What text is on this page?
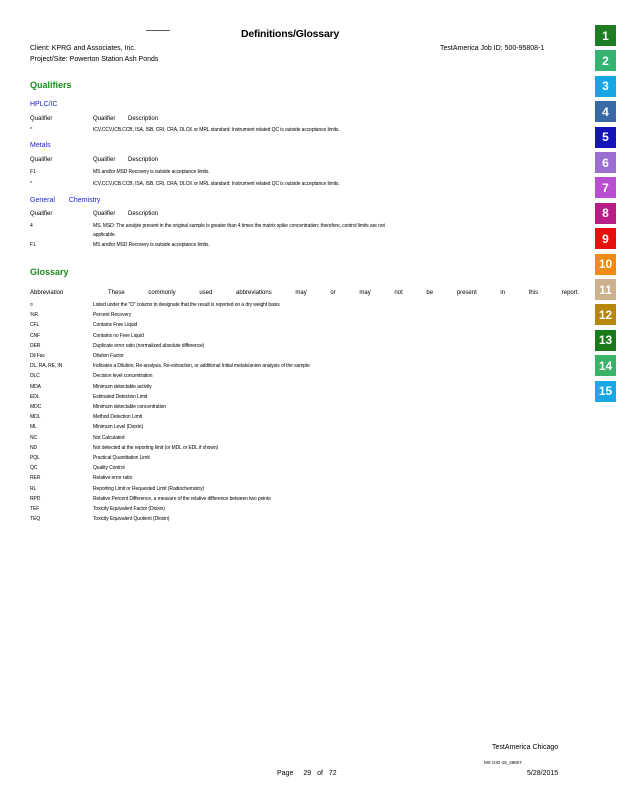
Definitions/Glossary
Client: KPRG and Associates, Inc.
Project/Site: Powerton Station Ash Ponds
TestAmerica Job ID: 500-95808-1
Qualifiers
HPLC/IC
Qualifier	Qualifier Description
^	ICV,CCV,ICB,CCB, ISA, ISB, CRI, CRA, DLCK or MRL standard: Instrument related QC is outside acceptance limits.
Metals
Qualifier	Qualifier Description
F1	MS and/or MSD Recovery is outside acceptance limits.
^	ICV,CCV,ICB,CCB, ISA, ISB, CRI, CRA, DLCK or MRL standard: Instrument related QC is outside acceptance limits.
General Chemistry
Qualifier	Qualifier Description
4	MS, MSD: The analyte present in the original sample is greater than 4 times the matrix spike concentration; therefore, control limits are not
applicable.
F1	MS and/or MSD Recovery is outside acceptance limits.
Glossary
Abbreviation	These commonly used abbreviations may or may not be present in this report.
¤	Listed under the "D" column to designate that the result is reported on a dry weight basis
%R	Percent Recovery
CFL	Contains Free Liquid
CNF	Contains no Free Liquid
DER	Duplicate error ratio (normalized absolute difference)
Dil Fac	Dilution Factor
DL, RA, RE, IN	Indicates a Dilution, Re-analysis, Re-extraction, or additional Initial metals/anion analysis of the sample
DLC	Decision level concentration
MDA	Minimum detectable activity
EDL	Estimated Detection Limit
MDC	Minimum detectable concentration
MDL	Method Detection Limit
ML	Minimum Level (Dioxin)
NC	Not Calculated
ND	Not detected at the reporting limit (or MDL or EDL if shown)
PQL	Practical Quantitation Limit
QC	Quality Control
RER	Relative error ratio
RL	Reporting Limit or Requested Limit (Radiochemistry)
RPD	Relative Percent Difference, a measure of the relative difference between two points
TEF	Toxicity Equivalent Factor (Dioxin)
TEQ	Toxicity Equivalent Quotient (Dioxin)
TestAmerica Chicago
MX GIO-15_48807
Page 29 of 72	5/28/2015
1
2
3
4
5
6
7
8
9
10
11
12
13
14
15
